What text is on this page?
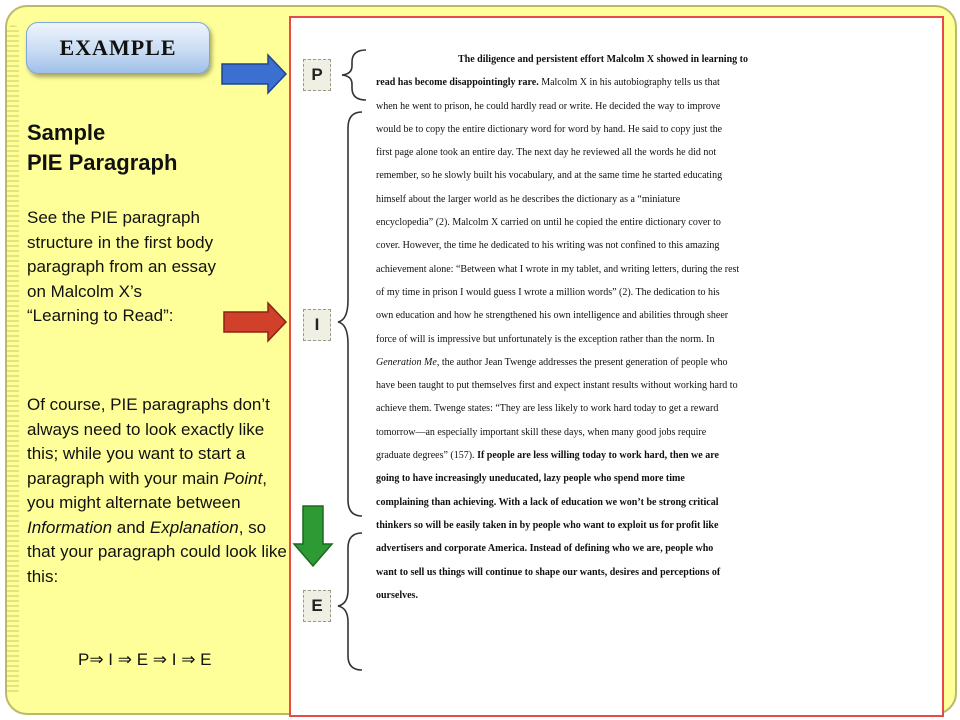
EXAMPLE
Sample
PIE Paragraph
See the PIE paragraph
structure in the first body
paragraph from an essay
on Malcolm X’s
“Learning to Read”:
Of course, PIE paragraphs don’t always need to look exactly like this; while you want to start a paragraph with your main Point, you might alternate between Information and Explanation, so that your paragraph could look like this:
P⇒ I ⇒ E ⇒ I ⇒ E
P
I
E
The diligence and persistent effort Malcolm X showed in learning to
read has become disappointingly rare. Malcolm X in his autobiography tells us that
when he went to prison, he could hardly read or write. He decided the way to improve
would be to copy the entire dictionary word for word by hand. He said to copy just the
first page alone took an entire day. The next day he reviewed all the words he did not
remember, so he slowly built his vocabulary, and at the same time he started educating
himself about the larger world as he describes the dictionary as a “miniature
encyclopedia” (2). Malcolm X carried on until he copied the entire dictionary cover to
cover. However, the time he dedicated to his writing was not confined to this amazing
achievement alone: “Between what I wrote in my tablet, and writing letters, during the rest
of my time in prison I would guess I wrote a million words” (2). The dedication to his
own education and how he strengthened his own intelligence and abilities through sheer
force of will is impressive but unfortunately is the exception rather than the norm. In
Generation Me, the author Jean Twenge addresses the present generation of people who
have been taught to put themselves first and expect instant results without working hard to
achieve them. Twenge states: “They are less likely to work hard today to get a reward
tomorrow—an especially important skill these days, when many good jobs require
graduate degrees” (157). If people are less willing today to work hard, then we are
going to have increasingly uneducated, lazy people who spend more time
complaining than achieving. With a lack of education we won’t be strong critical
thinkers so will be easily taken in by people who want to exploit us for profit like
advertisers and corporate America. Instead of defining who we are, people who
want to sell us things will continue to shape our wants, desires and perceptions of
ourselves.
